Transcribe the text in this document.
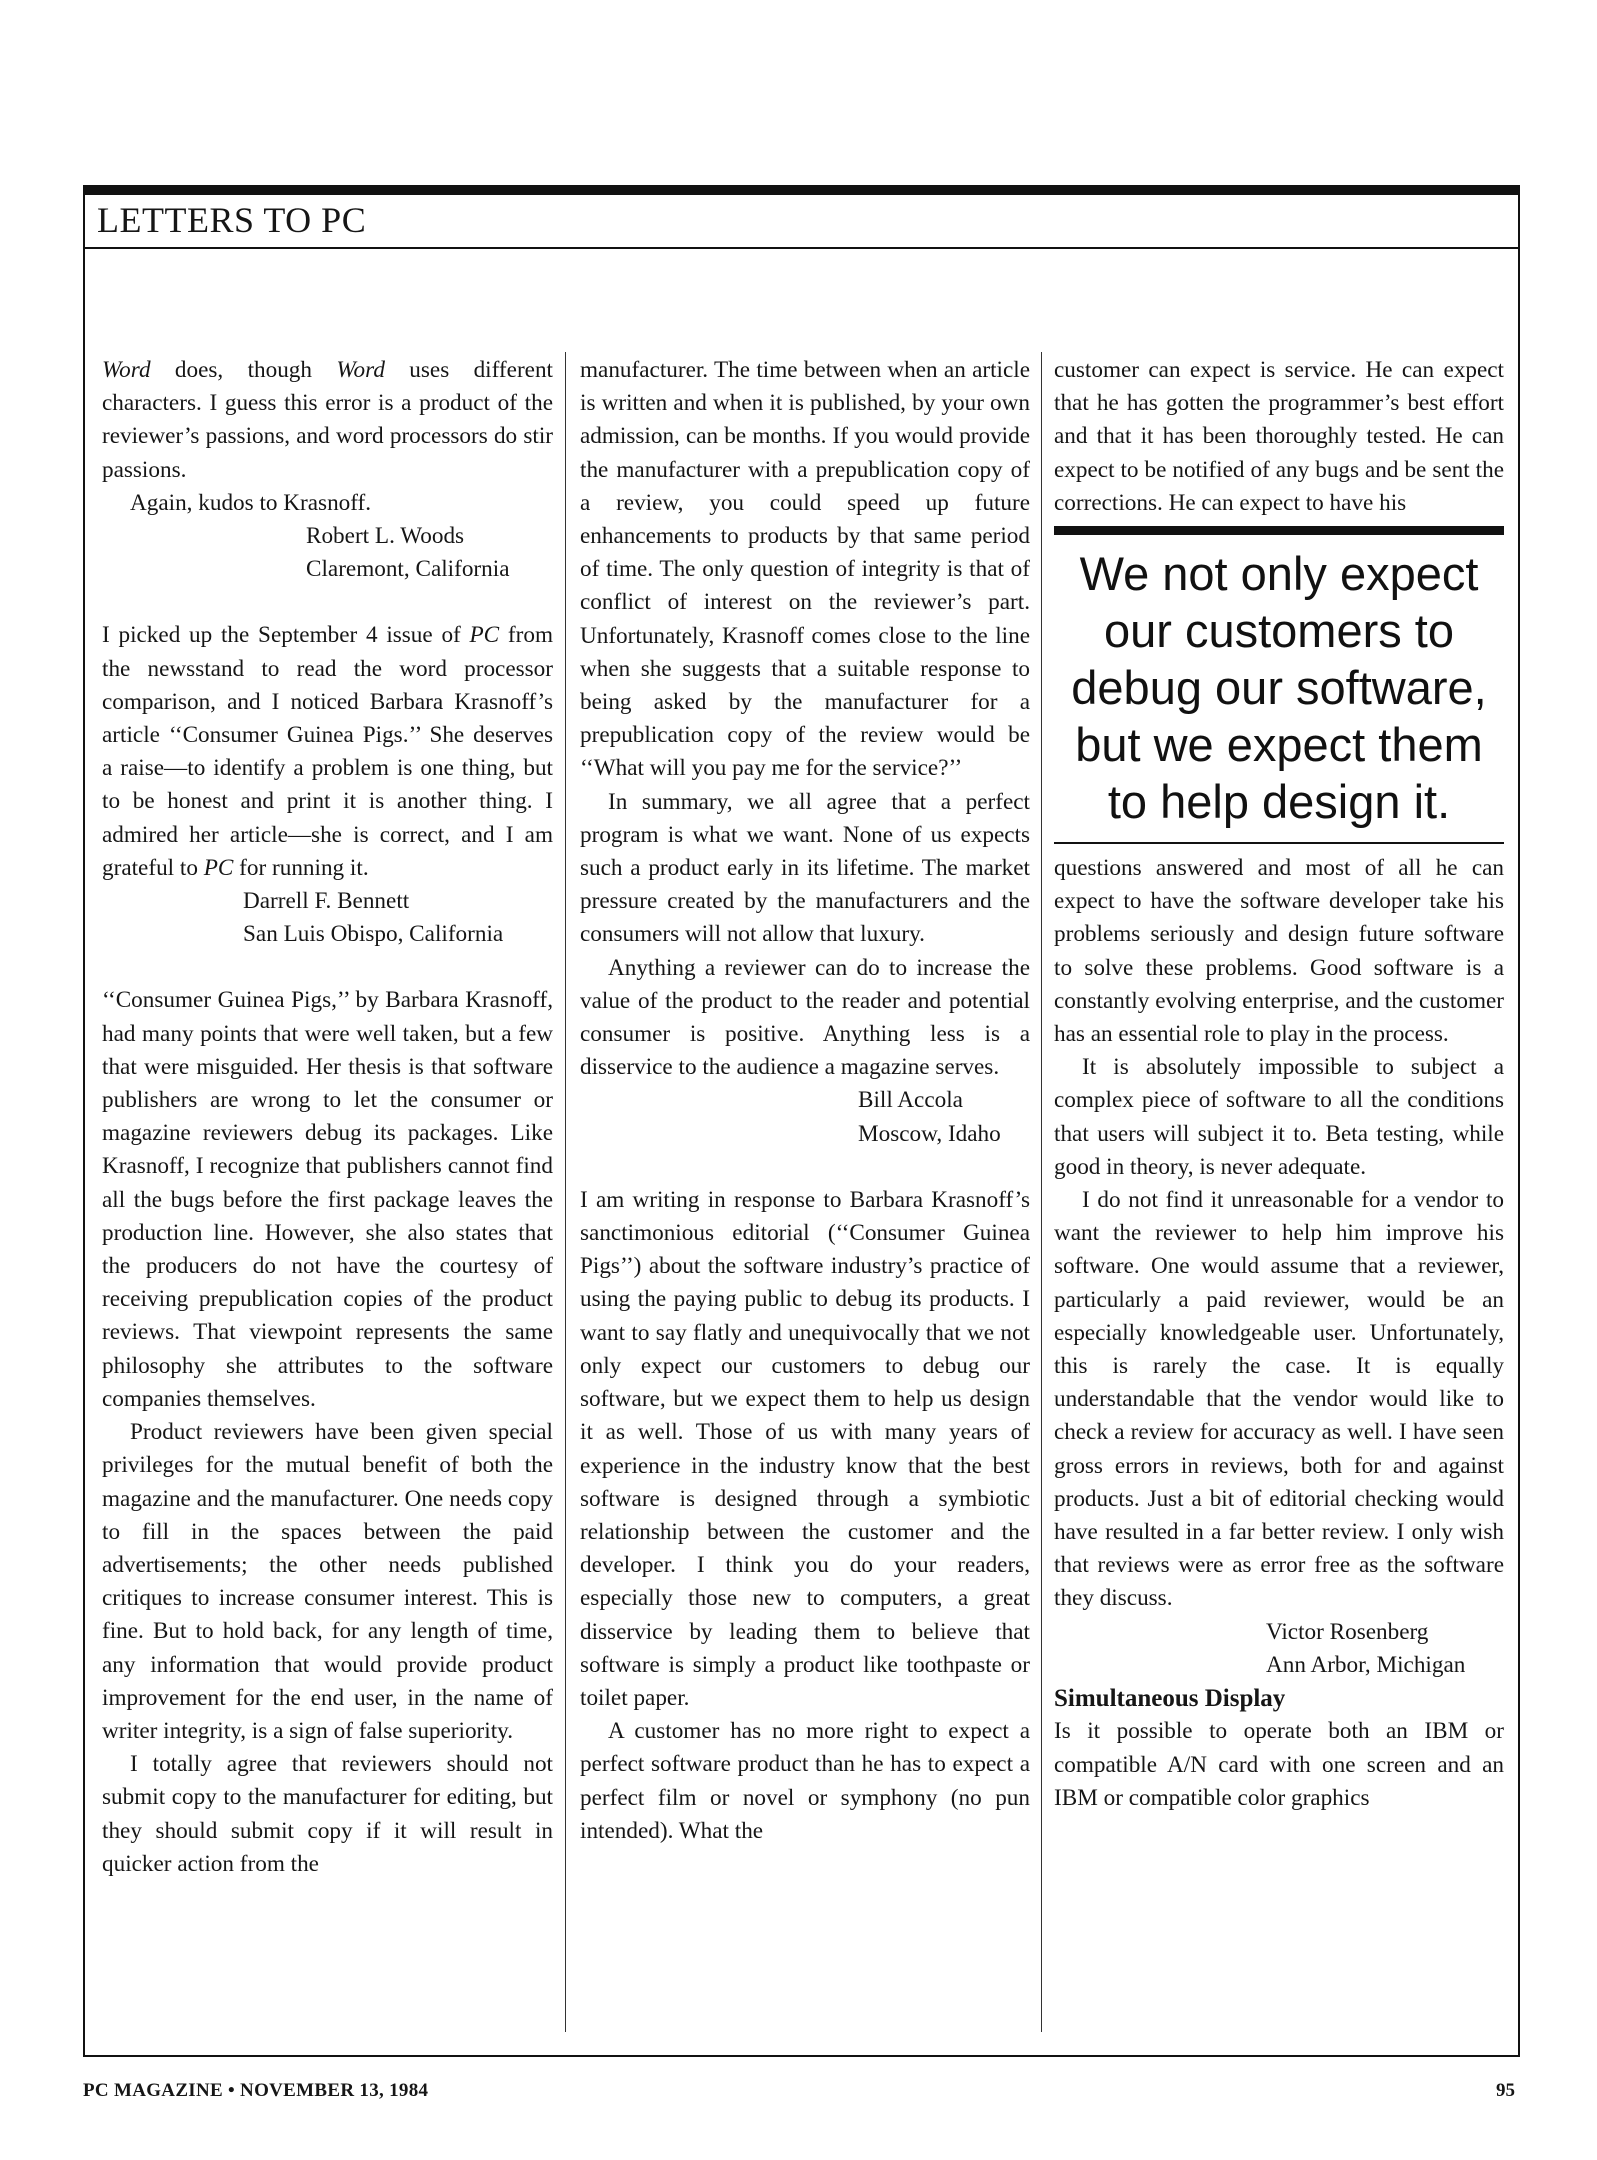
LETTERS TO PC

Word does, though Word uses different characters. I guess this error is a product of the reviewer’s passions, and word processors do stir passions.

Again, kudos to Krasnoff.

Robert L. Woods

Claremont, California

I picked up the September 4 issue of PC from the newsstand to read the word processor comparison, and I noticed Barbara Krasnoff’s article ‘‘Consumer Guinea Pigs.’’ She deserves a raise—to identify a problem is one thing, but to be honest and print it is another thing. I admired her article—she is correct, and I am grateful to PC for running it.

Darrell F. Bennett

San Luis Obispo, California

‘‘Consumer Guinea Pigs,’’ by Barbara Krasnoff, had many points that were well taken, but a few that were misguided. Her thesis is that software publishers are wrong to let the consumer or magazine reviewers debug its packages. Like Krasnoff, I recognize that publishers cannot find all the bugs before the first package leaves the production line. However, she also states that the producers do not have the courtesy of receiving prepublication copies of the product reviews. That viewpoint represents the same philosophy she attributes to the software companies themselves.

Product reviewers have been given special privileges for the mutual benefit of both the magazine and the manufacturer. One needs copy to fill in the spaces between the paid advertisements; the other needs published critiques to increase consumer interest. This is fine. But to hold back, for any length of time, any information that would provide product improvement for the end user, in the name of writer integrity, is a sign of false superiority.

I totally agree that reviewers should not submit copy to the manufacturer for editing, but they should submit copy if it will result in quicker action from the

manufacturer. The time between when an article is written and when it is published, by your own admission, can be months. If you would provide the manufacturer with a prepublication copy of a review, you could speed up future enhancements to products by that same period of time. The only question of integrity is that of conflict of interest on the reviewer’s part. Unfortunately, Krasnoff comes close to the line when she suggests that a suitable response to being asked by the manufacturer for a prepublication copy of the review would be ‘‘What will you pay me for the service?’’

In summary, we all agree that a perfect program is what we want. None of us expects such a product early in its lifetime. The market pressure created by the manufacturers and the consumers will not allow that luxury.

Anything a reviewer can do to increase the value of the product to the reader and potential consumer is positive. Anything less is a disservice to the audience a magazine serves.

Bill Accola

Moscow, Idaho

I am writing in response to Barbara Krasnoff’s sanctimonious editorial (‘‘Consumer Guinea Pigs’’) about the software industry’s practice of using the paying public to debug its products. I want to say flatly and unequivocally that we not only expect our customers to debug our software, but we expect them to help us design it as well. Those of us with many years of experience in the industry know that the best software is designed through a symbiotic relationship between the customer and the developer. I think you do your readers, especially those new to computers, a great disservice by leading them to believe that software is simply a product like toothpaste or toilet paper.

A customer has no more right to expect a perfect software product than he has to expect a perfect film or novel or symphony (no pun intended). What the

customer can expect is service. He can expect that he has gotten the programmer’s best effort and that it has been thoroughly tested. He can expect to be notified of any bugs and be sent the corrections. He can expect to have his

We not only expect our customers to debug our software, but we expect them to help design it.

questions answered and most of all he can expect to have the software developer take his problems seriously and design future software to solve these problems. Good software is a constantly evolving enterprise, and the customer has an essential role to play in the process.

It is absolutely impossible to subject a complex piece of software to all the conditions that users will subject it to. Beta testing, while good in theory, is never adequate.

I do not find it unreasonable for a vendor to want the reviewer to help him improve his software. One would assume that a reviewer, particularly a paid reviewer, would be an especially knowledgeable user. Unfortunately, this is rarely the case. It is equally understandable that the vendor would like to check a review for accuracy as well. I have seen gross errors in reviews, both for and against products. Just a bit of editorial checking would have resulted in a far better review. I only wish that reviews were as error free as the software they discuss.

Victor Rosenberg

Ann Arbor, Michigan

Simultaneous Display

Is it possible to operate both an IBM or compatible A/N card with one screen and an IBM or compatible color graphics

PC MAGAZINE • NOVEMBER 13, 1984	95
